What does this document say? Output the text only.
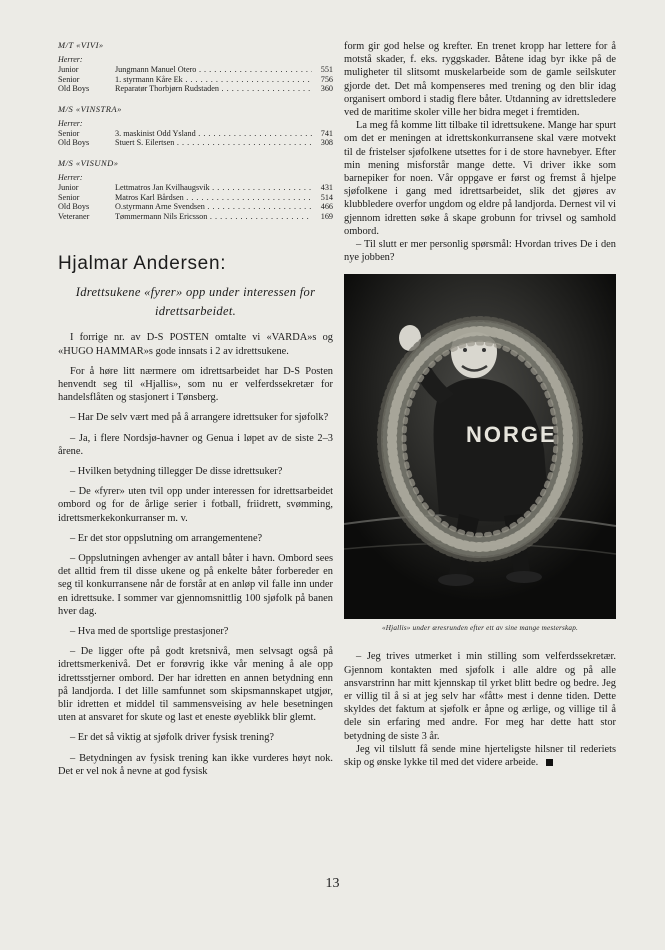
M/T «VIVI»
Herrer:
Junior	Jungmann Manuel Otero . . .	551
Senior	1. styrmann Kåre Ek . . .	756
Old Boys	Reparatør Thorbjørn Rudstaden . . .	360
M/S «VINSTRA»
Herrer:
Senior	3. maskinist Odd Ysland . . .	741
Old Boys	Stuert S. Eilertsen . . .	308
M/S «VISUND»
Herrer:
Junior	Lettmatros Jan Kvilhaugsvik . . .	431
Senior	Matros Karl Bårdsen . . .	514
Old Boys	O.styrmann Arne Svendsen . . .	466
Veteraner	Tømmermann Nils Ericsson . . .	169
Hjalmar Andersen:
Idrettsukene «fyrer» opp under interessen for idrettsarbeidet.

I forrige nr. av D-S POSTEN omtalte vi «VARDA»s og «HUGO HAMMAR»s gode innsats i 2 av idrettsukene.

For å høre litt nærmere om idrettsarbeidet har D-S Posten henvendt seg til «Hjallis», som nu er velferdssekretær for handelsflåten og stasjonert i Tønsberg.

– Har De selv vært med på å arrangere idrettsuker for sjøfolk?

– Ja, i flere Nordsjø-havner og Genua i løpet av de siste 2–3 årene.

– Hvilken betydning tillegger De disse idrettsuker?

– De «fyrer» uten tvil opp under interessen for idrettsarbeidet ombord og for de årlige serier i fotball, friidrett, svømming, idrettsmerkekonkurranser m. v.

– Er det stor oppslutning om arrangementene?

– Oppslutningen avhenger av antall båter i havn. Ombord sees det alltid frem til disse ukene og på enkelte båter forbereder en seg til konkurransene når de forstår at en anløp vil falle inn under en idrettsuke. I sommer var gjennomsnittlig 100 sjøfolk på banen hver dag.

– Hva med de sportslige prestasjoner?

– De ligger ofte på godt kretsnivå, men selvsagt også på idrettsmerkenivå. Det er forøvrig ikke vår mening å ale opp idrettsstjerner ombord. Der har idretten en annen betydning enn på landjorda. I det lille samfunnet som skipsmannskapet utgjør, blir idretten et middel til sammensveising av hele besetningen uten at ansvaret for skute og last et eneste øyeblikk blir glemt.

– Er det så viktig at sjøfolk driver fysisk trening?

– Betydningen av fysisk trening kan ikke vurderes høyt nok. Det er vel nok å nevne at god fysisk

form gir god helse og krefter. En trenet kropp har lettere for å motstå skader, f. eks. ryggskader. Båtene idag byr ikke på de muligheter til slitsomt muskelarbeide som de gamle seilskuter gjorde det. Det må kompenseres med trening og den blir idag organisert ombord i stadig flere båter. Utdanning av idrettsledere ved de maritime skoler ville her bidra meget i fremtiden.

La meg få komme litt tilbake til idrettsukene. Mange har spurt om det er meningen at idrettskonkurransene skal være motvekt til de fristelser sjøfolkene utsettes for i de store havnebyer. Efter min mening misforstår mange dette. Vi driver ikke som barnepiker for noen. Vår oppgave er først og fremst å hjelpe sjøfolkene i gang med idrettsarbeidet, slik det gjøres av klubbledere overfor ungdom og eldre på landjorda. Dernest vil vi gjennom idretten søke å skape grobunn for trivsel og samhold ombord.

– Til slutt er mer personlig spørsmål: Hvordan trives De i den nye jobben?

NORGE
«Hjallis» under æresrunden efter ett av sine mange mesterskap.

– Jeg trives utmerket i min stilling som velferdssekretær. Gjennom kontakten med sjøfolk i alle aldre og på alle ansvarstrinn har mitt kjennskap til yrket blitt bedre og bedre. Jeg er villig til å si at jeg selv har «fått» mest i denne tiden. Dette skyldes det faktum at sjøfolk er åpne og ærlige, og villige til å dele sin erfaring med andre. For meg har dette hatt stor betydning de siste 3 år.

Jeg vil tilslutt få sende mine hjerteligste hilsner til rederiets skip og ønske lykke til med det videre arbeide.

13
